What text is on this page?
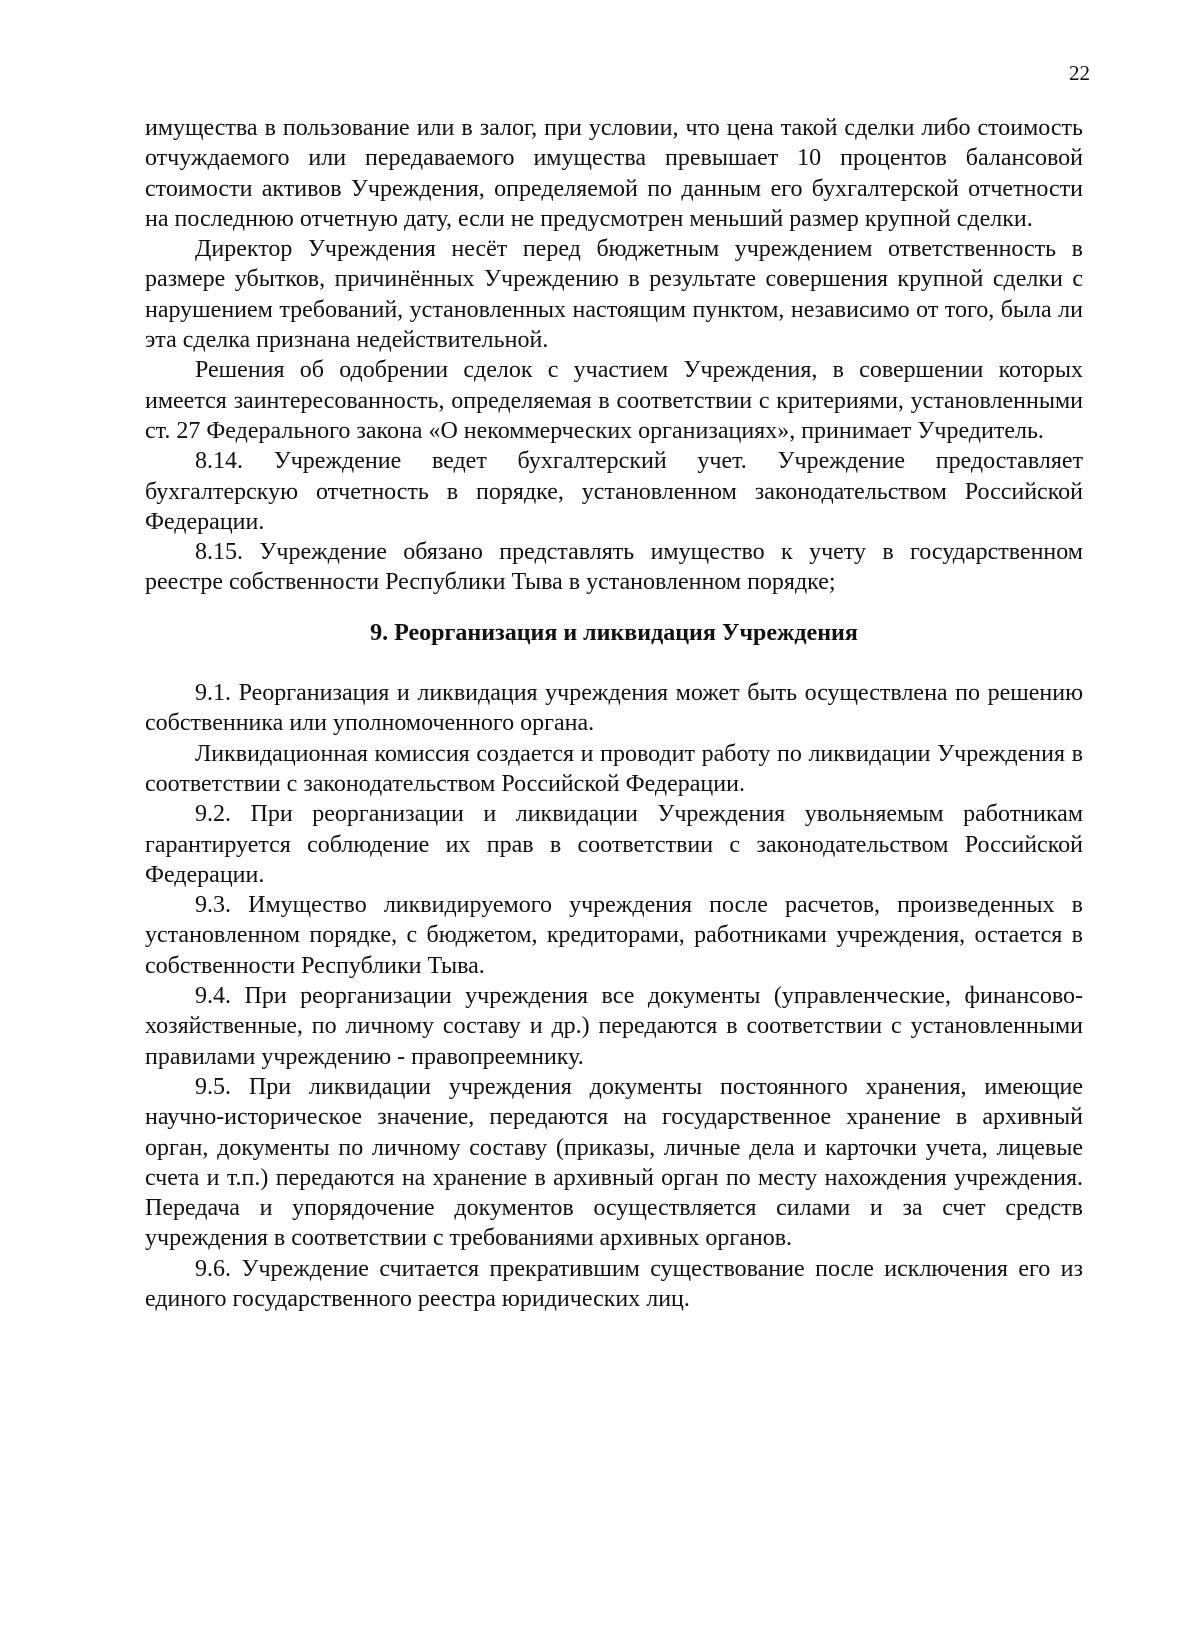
22

имущества в пользование или в залог, при условии, что цена такой сделки либо стоимость отчуждаемого или передаваемого имущества превышает 10 процентов балансовой стоимости активов Учреждения, определяемой по данным его бухгалтерской отчетности на последнюю отчетную дату, если не предусмотрен меньший размер крупной сделки.

Директор Учреждения несёт перед бюджетным учреждением ответственность в размере убытков, причинённых Учреждению в результате совершения крупной сделки с нарушением требований, установленных настоящим пунктом, независимо от того, была ли эта сделка признана недействительной.

Решения об одобрении сделок с участием Учреждения, в совершении которых имеется заинтересованность, определяемая в соответствии с критериями, установленными ст. 27 Федерального закона «О некоммерческих организациях», принимает Учредитель.

8.14. Учреждение ведет бухгалтерский учет. Учреждение предоставляет бухгалтерскую отчетность в порядке, установленном законодательством Российской Федерации.

8.15. Учреждение обязано представлять имущество к учету в государственном реестре собственности Республики Тыва в установленном порядке;

9. Реорганизация и ликвидация Учреждения

9.1. Реорганизация и ликвидация учреждения может быть осуществлена по решению собственника или уполномоченного органа.

Ликвидационная комиссия создается и проводит работу по ликвидации Учреждения в соответствии с законодательством Российской Федерации.

9.2. При реорганизации и ликвидации Учреждения увольняемым работникам гарантируется соблюдение их прав в соответствии с законодательством Российской Федерации.

9.3. Имущество ликвидируемого учреждения после расчетов, произведенных в установленном порядке, с бюджетом, кредиторами, работниками учреждения, остается в собственности Республики Тыва.

9.4. При реорганизации учреждения все документы (управленческие, финансово-хозяйственные, по личному составу и др.) передаются в соответствии с установленными правилами учреждению - правопреемнику.

9.5. При ликвидации учреждения документы постоянного хранения, имеющие научно-историческое значение, передаются на государственное хранение в архивный орган, документы по личному составу (приказы, личные дела и карточки учета, лицевые счета и т.п.) передаются на хранение в архивный орган по месту нахождения учреждения. Передача и упорядочение документов осуществляется силами и за счет средств учреждения в соответствии с требованиями архивных органов.

9.6. Учреждение считается прекратившим существование после исключения его из единого государственного реестра юридических лиц.
